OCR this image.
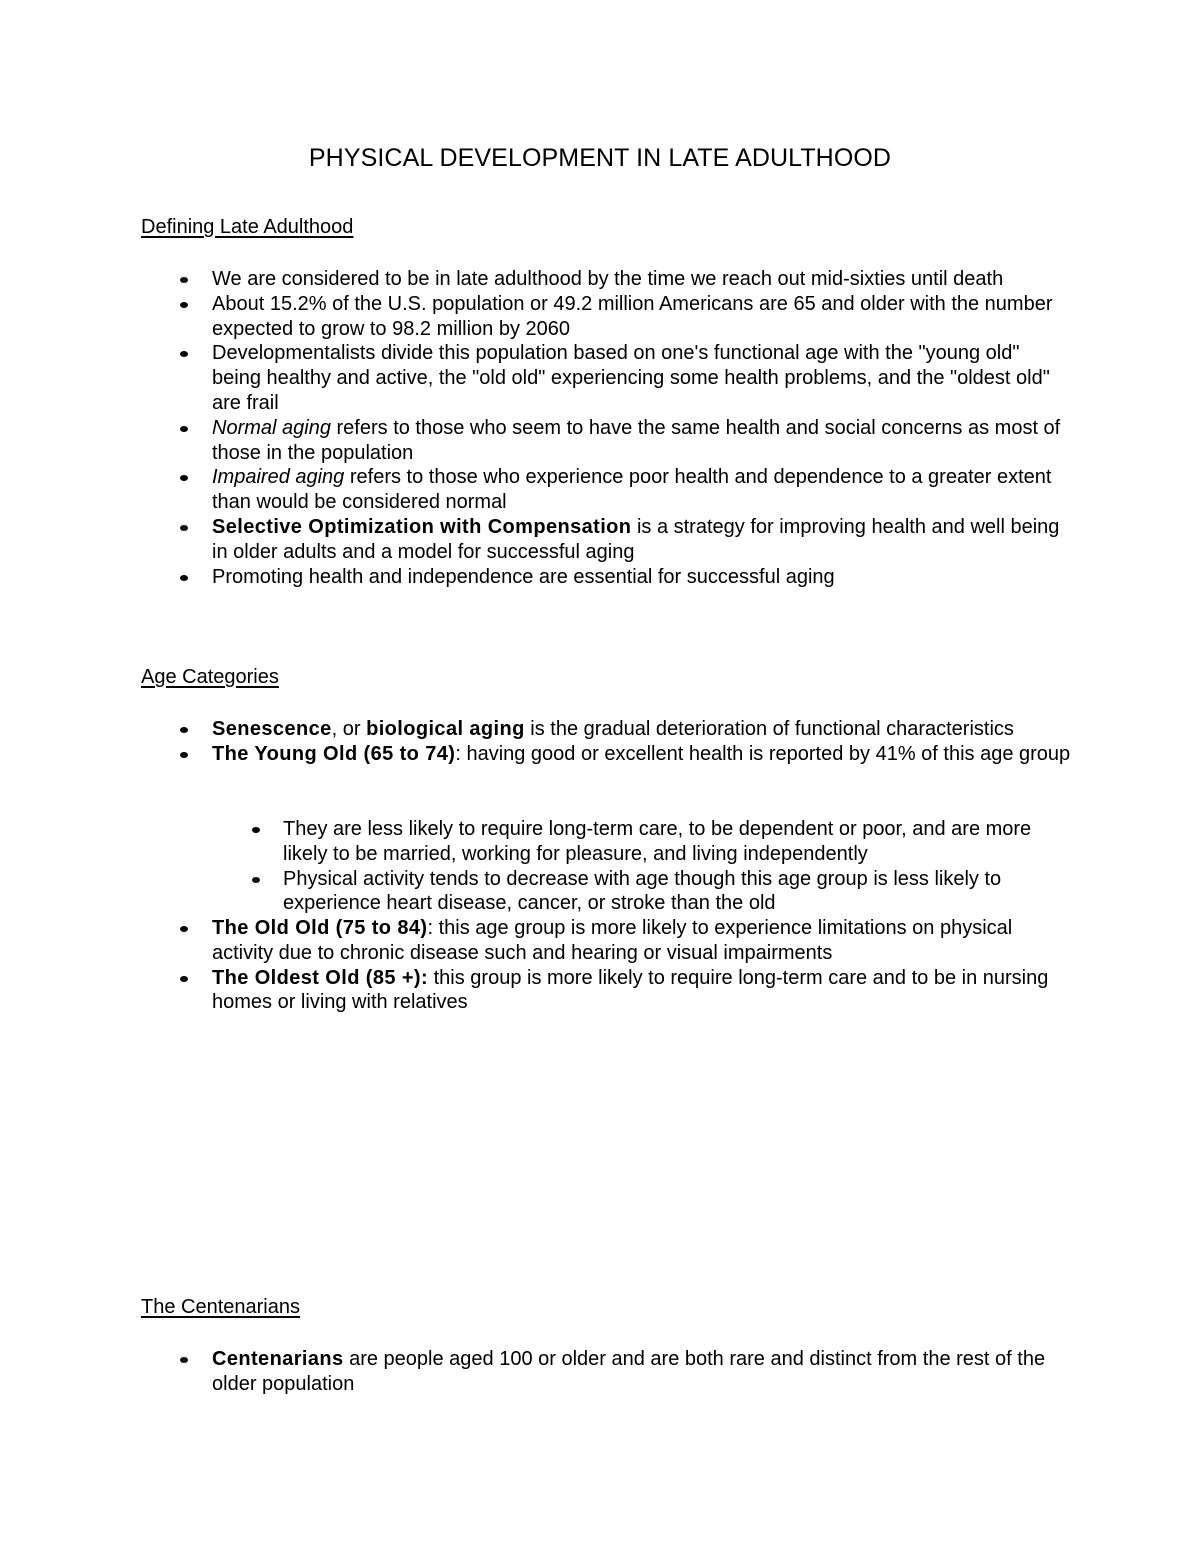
PHYSICAL DEVELOPMENT IN LATE ADULTHOOD
Defining Late Adulthood
We are considered to be in late adulthood by the time we reach out mid-sixties until death
About 15.2% of the U.S. population or 49.2 million Americans are 65 and older with the number expected to grow to 98.2 million by 2060
Developmentalists divide this population based on one's functional age with the "young old" being healthy and active, the "old old" experiencing some health problems, and the "oldest old" are frail
Normal aging refers to those who seem to have the same health and social concerns as most of those in the population
Impaired aging refers to those who experience poor health and dependence to a greater extent than would be considered normal
Selective Optimization with Compensation is a strategy for improving health and well being in older adults and a model for successful aging
Promoting health and independence are essential for successful aging
Age Categories
Senescence, or biological aging is the gradual deterioration of functional characteristics
The Young Old (65 to 74): having good or excellent health is reported by 41% of this age group
They are less likely to require long-term care, to be dependent or poor, and are more likely to be married, working for pleasure, and living independently
Physical activity tends to decrease with age though this age group is less likely to experience heart disease, cancer, or stroke than the old
The Old Old (75 to 84): this age group is more likely to experience limitations on physical activity due to chronic disease such and hearing or visual impairments
The Oldest Old (85 +): this group is more likely to require long-term care and to be in nursing homes or living with relatives
The Centenarians
Centenarians are people aged 100 or older and are both rare and distinct from the rest of the older population
